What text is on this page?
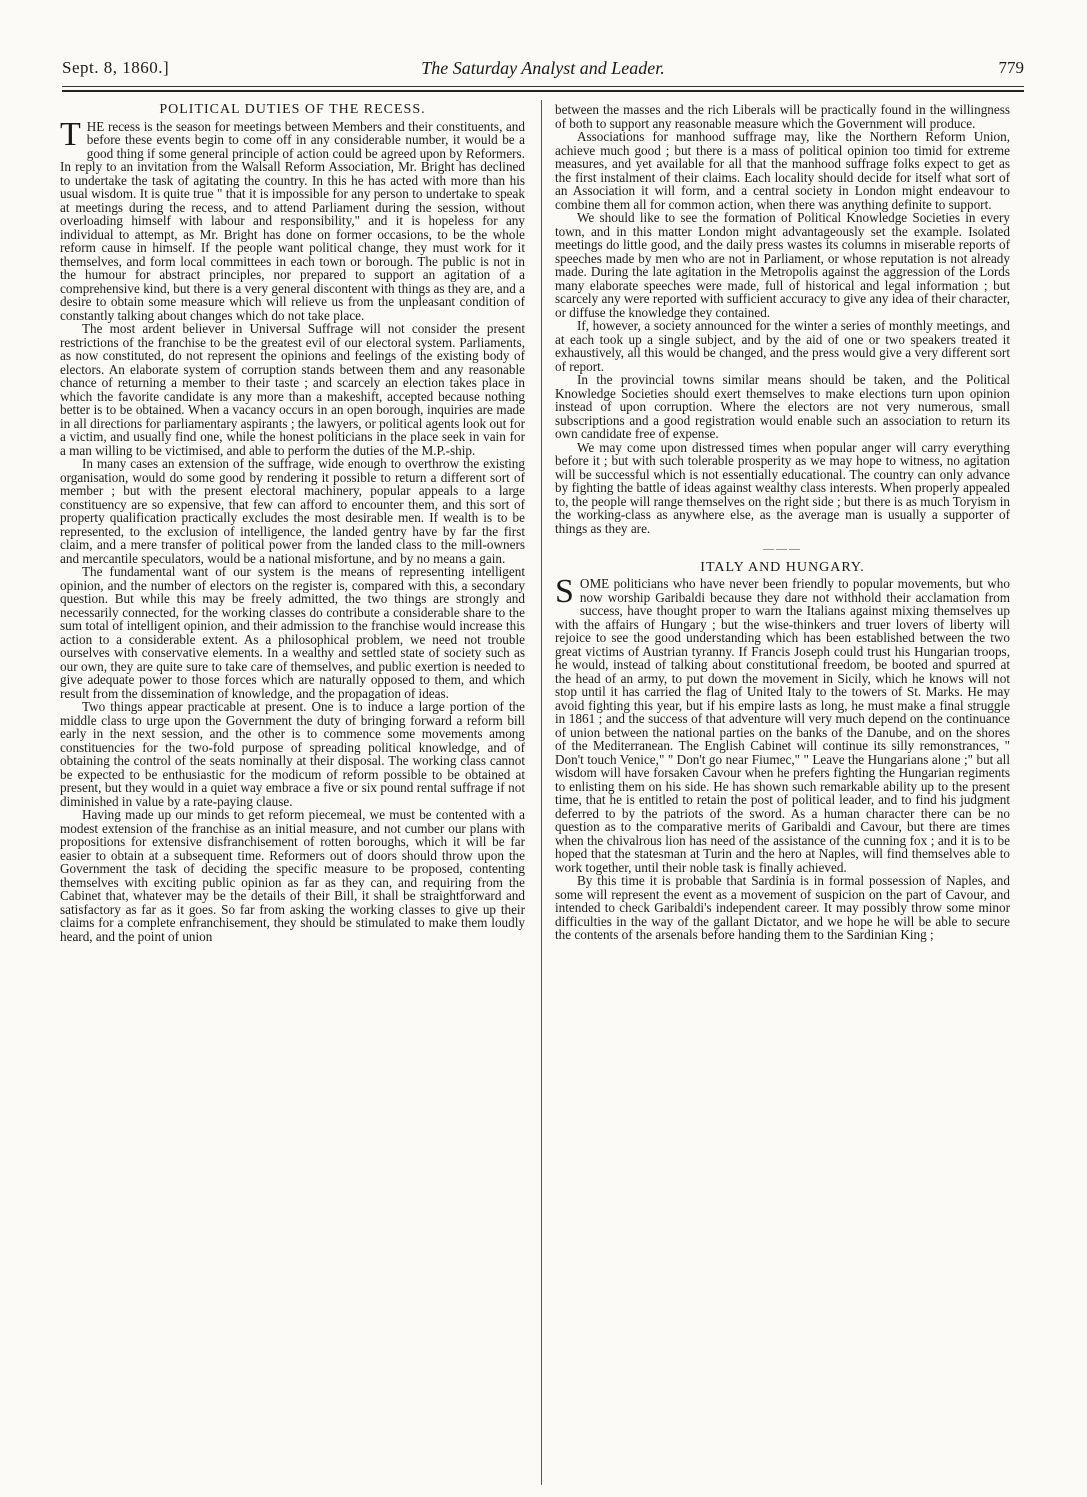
Sept. 8, 1860.]	The Saturday Analyst and Leader.	779
POLITICAL DUTIES OF THE RECESS.

THE recess is the season for meetings between Members and their constituents, and before these events begin to come off in any considerable number, it would be a good thing if some general principle of action could be agreed upon by Reformers. In reply to an invitation from the Walsall Reform Association, Mr. Bright has declined to undertake the task of agitating the country. In this he has acted with more than his usual wisdom. It is quite true " that it is impossible for any person to undertake to speak at meetings during the recess, and to attend Parliament during the session, without overloading himself with labour and responsibility," and it is hopeless for any individual to attempt, as Mr. Bright has done on former occasions, to be the whole reform cause in himself. If the people want political change, they must work for it themselves, and form local committees in each town or borough. The public is not in the humour for abstract principles, nor prepared to support an agitation of a comprehensive kind, but there is a very general discontent with things as they are, and a desire to obtain some measure which will relieve us from the unpleasant condition of constantly talking about changes which do not take place.

The most ardent believer in Universal Suffrage will not consider the present restrictions of the franchise to be the greatest evil of our electoral system. Parliaments, as now constituted, do not represent the opinions and feelings of the existing body of electors. An elaborate system of corruption stands between them and any reasonable chance of returning a member to their taste ; and scarcely an election takes place in which the favorite candidate is any more than a makeshift, accepted because nothing better is to be obtained. When a vacancy occurs in an open borough, inquiries are made in all directions for parliamentary aspirants ; the lawyers, or political agents look out for a victim, and usually find one, while the honest politicians in the place seek in vain for a man willing to be victimised, and able to perform the duties of the M.P.-ship.

In many cases an extension of the suffrage, wide enough to overthrow the existing organisation, would do some good by rendering it possible to return a different sort of member ; but with the present electoral machinery, popular appeals to a large constituency are so expensive, that few can afford to encounter them, and this sort of property qualification practically excludes the most desirable men. If wealth is to be represented, to the exclusion of intelligence, the landed gentry have by far the first claim, and a mere transfer of political power from the landed class to the mill-owners and mercantile speculators, would be a national misfortune, and by no means a gain.

The fundamental want of our system is the means of representing intelligent opinion, and the number of electors on the register is, compared with this, a secondary question. But while this may be freely admitted, the two things are strongly and necessarily connected, for the working classes do contribute a considerable share to the sum total of intelligent opinion, and their admission to the franchise would increase this action to a considerable extent. As a philosophical problem, we need not trouble ourselves with conservative elements. In a wealthy and settled state of society such as our own, they are quite sure to take care of themselves, and public exertion is needed to give adequate power to those forces which are naturally opposed to them, and which result from the dissemination of knowledge, and the propagation of ideas.

Two things appear practicable at present. One is to induce a large portion of the middle class to urge upon the Government the duty of bringing forward a reform bill early in the next session, and the other is to commence some movements among constituencies for the two-fold purpose of spreading political knowledge, and of obtaining the control of the seats nominally at their disposal. The working class cannot be expected to be enthusiastic for the modicum of reform possible to be obtained at present, but they would in a quiet way embrace a five or six pound rental suffrage if not diminished in value by a rate-paying clause.

Having made up our minds to get reform piecemeal, we must be contented with a modest extension of the franchise as an initial measure, and not cumber our plans with propositions for extensive disfranchisement of rotten boroughs, which it will be far easier to obtain at a subsequent time. Reformers out of doors should throw upon the Government the task of deciding the specific measure to be proposed, contenting themselves with exciting public opinion as far as they can, and requiring from the Cabinet that, whatever may be the details of their Bill, it shall be straightforward and satisfactory as far as it goes. So far from asking the working classes to give up their claims for a complete enfranchisement, they should be stimulated to make them loudly heard, and the point of union

between the masses and the rich Liberals will be practically found in the willingness of both to support any reasonable measure which the Government will produce.

Associations for manhood suffrage may, like the Northern Reform Union, achieve much good ; but there is a mass of political opinion too timid for extreme measures, and yet available for all that the manhood suffrage folks expect to get as the first instalment of their claims. Each locality should decide for itself what sort of an Association it will form, and a central society in London might endeavour to combine them all for common action, when there was anything definite to support.

We should like to see the formation of Political Knowledge Societies in every town, and in this matter London might advantageously set the example. Isolated meetings do little good, and the daily press wastes its columns in miserable reports of speeches made by men who are not in Parliament, or whose reputation is not already made. During the late agitation in the Metropolis against the aggression of the Lords many elaborate speeches were made, full of historical and legal information ; but scarcely any were reported with sufficient accuracy to give any idea of their character, or diffuse the knowledge they contained.

If, however, a society announced for the winter a series of monthly meetings, and at each took up a single subject, and by the aid of one or two speakers treated it exhaustively, all this would be changed, and the press would give a very different sort of report.

In the provincial towns similar means should be taken, and the Political Knowledge Societies should exert themselves to make elections turn upon opinion instead of upon corruption. Where the electors are not very numerous, small subscriptions and a good registration would enable such an association to return its own candidate free of expense.

We may come upon distressed times when popular anger will carry everything before it ; but with such tolerable prosperity as we may hope to witness, no agitation will be successful which is not essentially educational. The country can only advance by fighting the battle of ideas against wealthy class interests. When properly appealed to, the people will range themselves on the right side ; but there is as much Toryism in the working-class as anywhere else, as the average man is usually a supporter of things as they are.

———
ITALY AND HUNGARY.

SOME politicians who have never been friendly to popular movements, but who now worship Garibaldi because they dare not withhold their acclamation from success, have thought proper to warn the Italians against mixing themselves up with the affairs of Hungary ; but the wise-thinkers and truer lovers of liberty will rejoice to see the good understanding which has been established between the two great victims of Austrian tyranny. If Francis Joseph could trust his Hungarian troops, he would, instead of talking about constitutional freedom, be booted and spurred at the head of an army, to put down the movement in Sicily, which he knows will not stop until it has carried the flag of United Italy to the towers of St. Marks. He may avoid fighting this year, but if his empire lasts as long, he must make a final struggle in 1861 ; and the success of that adventure will very much depend on the continuance of union between the national parties on the banks of the Danube, and on the shores of the Mediterranean. The English Cabinet will continue its silly remonstrances, " Don't touch Venice," " Don't go near Fiumec," " Leave the Hungarians alone ;" but all wisdom will have forsaken Cavour when he prefers fighting the Hungarian regiments to enlisting them on his side. He has shown such remarkable ability up to the present time, that he is entitled to retain the post of political leader, and to find his judgment deferred to by the patriots of the sword. As a human character there can be no question as to the comparative merits of Garibaldi and Cavour, but there are times when the chivalrous lion has need of the assistance of the cunning fox ; and it is to be hoped that the statesman at Turin and the hero at Naples, will find themselves able to work together, until their noble task is finally achieved.

By this time it is probable that Sardinia is in formal possession of Naples, and some will represent the event as a movement of suspicion on the part of Cavour, and intended to check Garibaldi's independent career. It may possibly throw some minor difficulties in the way of the gallant Dictator, and we hope he will be able to secure the contents of the arsenals before handing them to the Sardinian King ;
